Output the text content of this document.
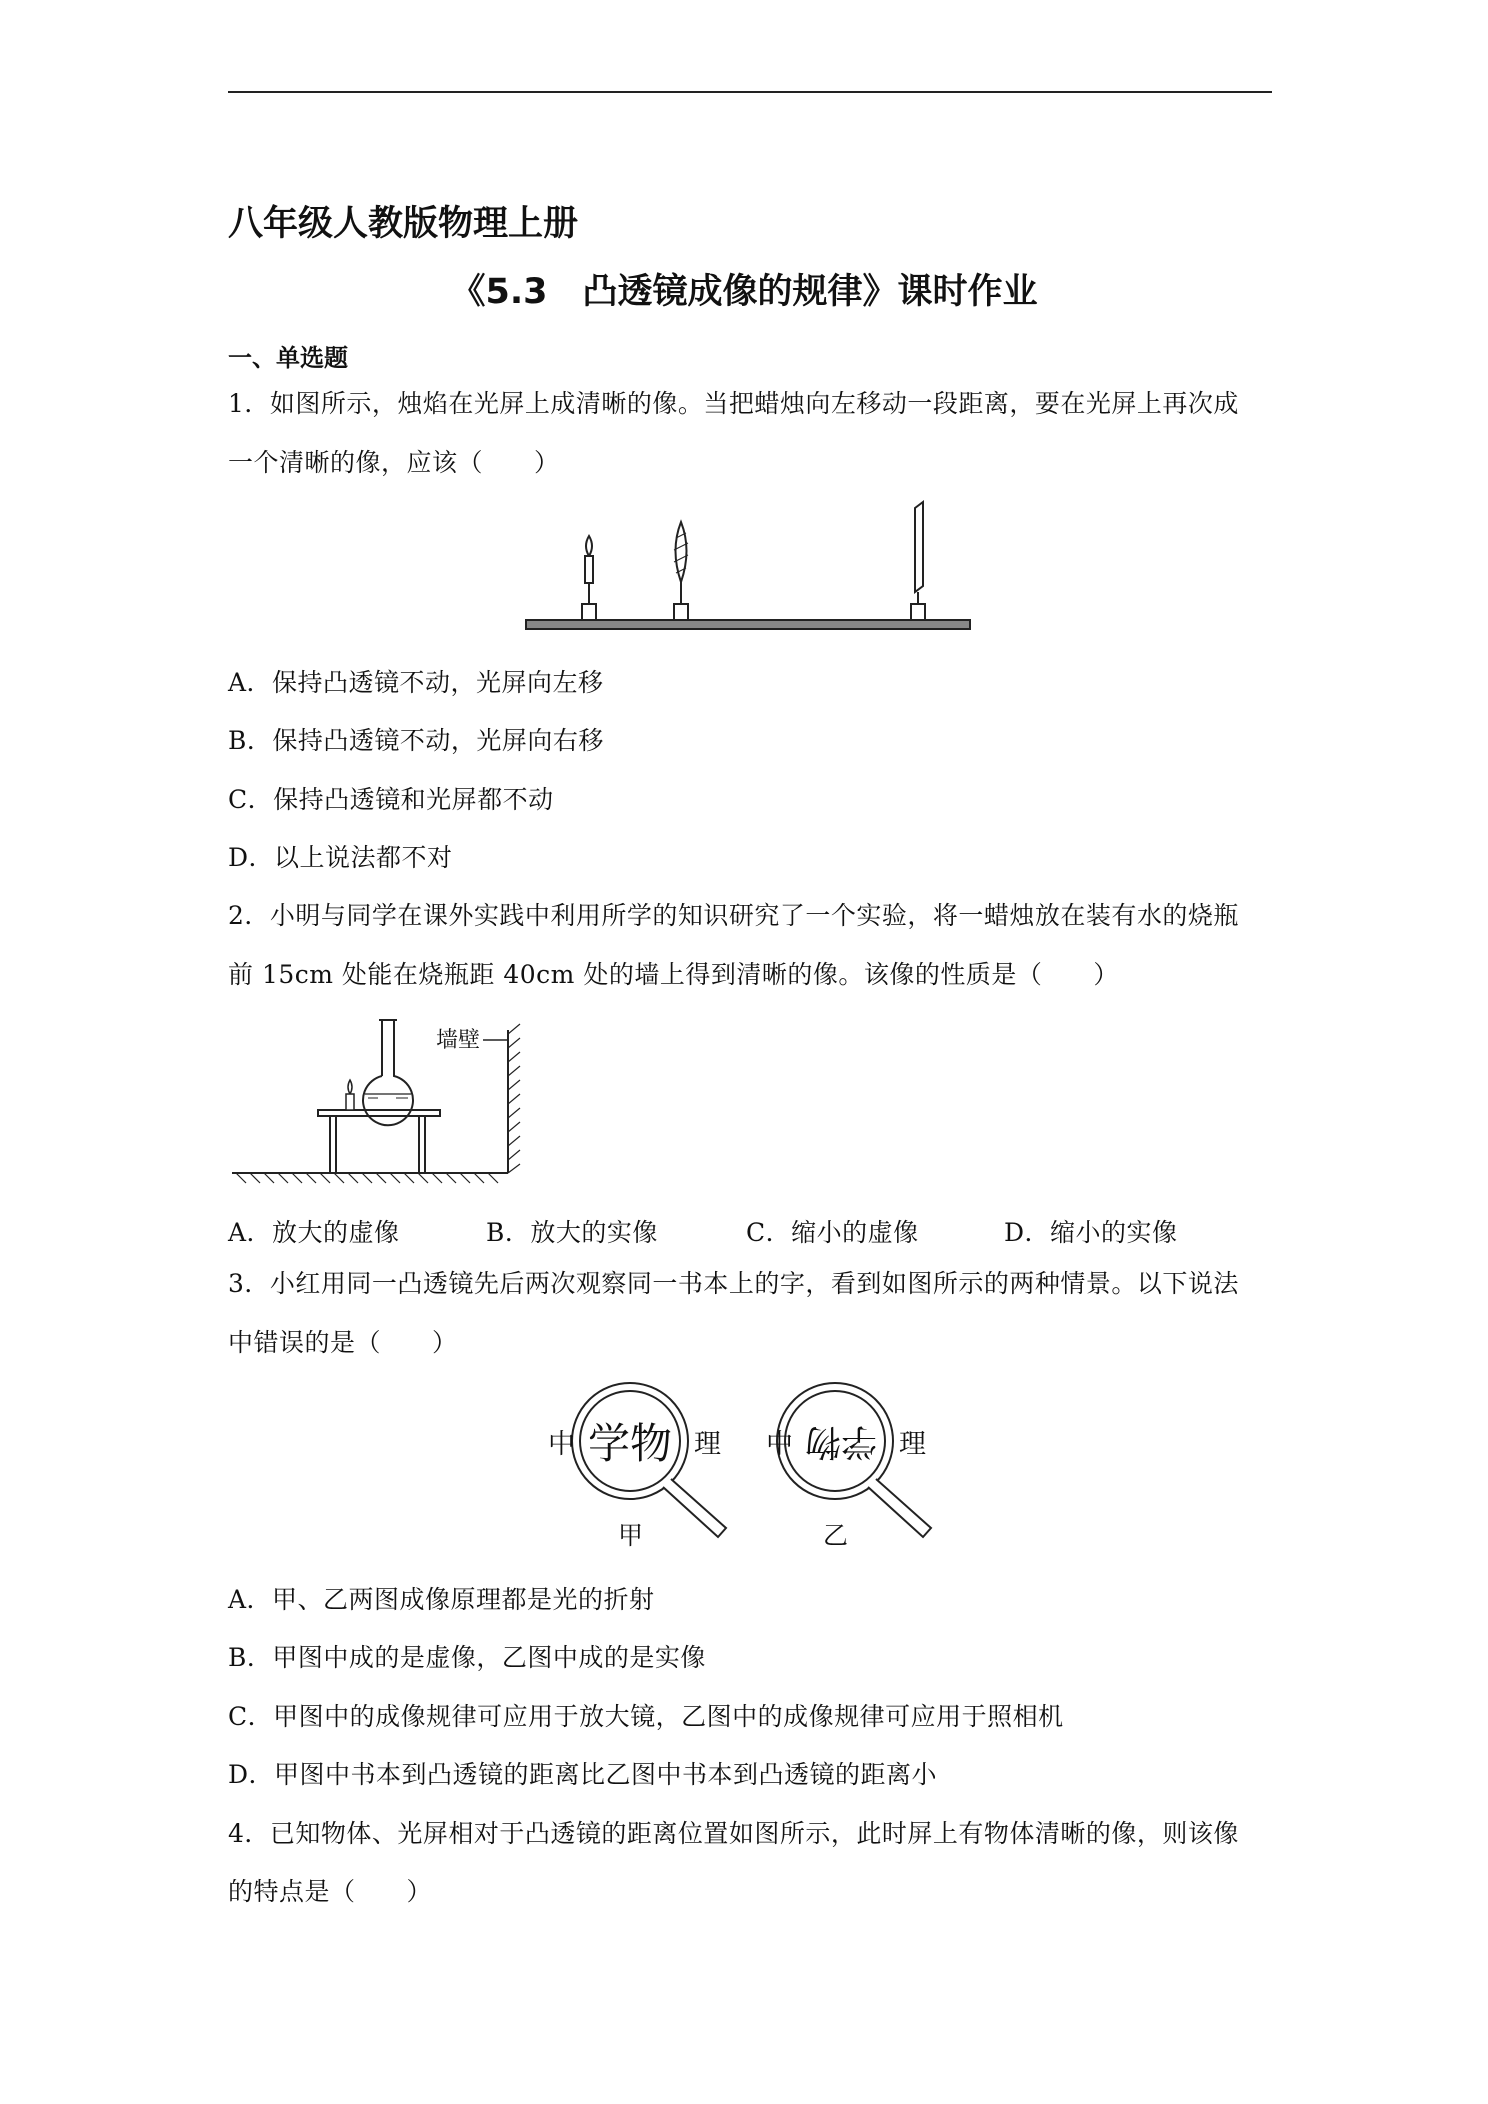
八年级人教版物理上册
《5.3　凸透镜成像的规律》课时作业
一、单选题
1．如图所示，烛焰在光屏上成清晰的像。当把蜡烛向左移动一段距离，要在光屏上再次成
一个清晰的像，应该（　　）
A．保持凸透镜不动，光屏向左移
B．保持凸透镜不动，光屏向右移
C．保持凸透镜和光屏都不动
D．以上说法都不对
2．小明与同学在课外实践中利用所学的知识研究了一个实验，将一蜡烛放在装有水的烧瓶
前 15cm 处能在烧瓶距 40cm 处的墙上得到清晰的像。该像的性质是（　　）
墙壁
A．放大的虚像	B．放大的实像	C．缩小的虚像	D．缩小的实像
3．小红用同一凸透镜先后两次观察同一书本上的字，看到如图所示的两种情景。以下说法
中错误的是（　　）
中 学物 理
甲
中 学物 理
乙
A．甲、乙两图成像原理都是光的折射
B．甲图中成的是虚像，乙图中成的是实像
C．甲图中的成像规律可应用于放大镜，乙图中的成像规律可应用于照相机
D．甲图中书本到凸透镜的距离比乙图中书本到凸透镜的距离小
4．已知物体、光屏相对于凸透镜的距离位置如图所示，此时屏上有物体清晰的像，则该像
的特点是（　　）
